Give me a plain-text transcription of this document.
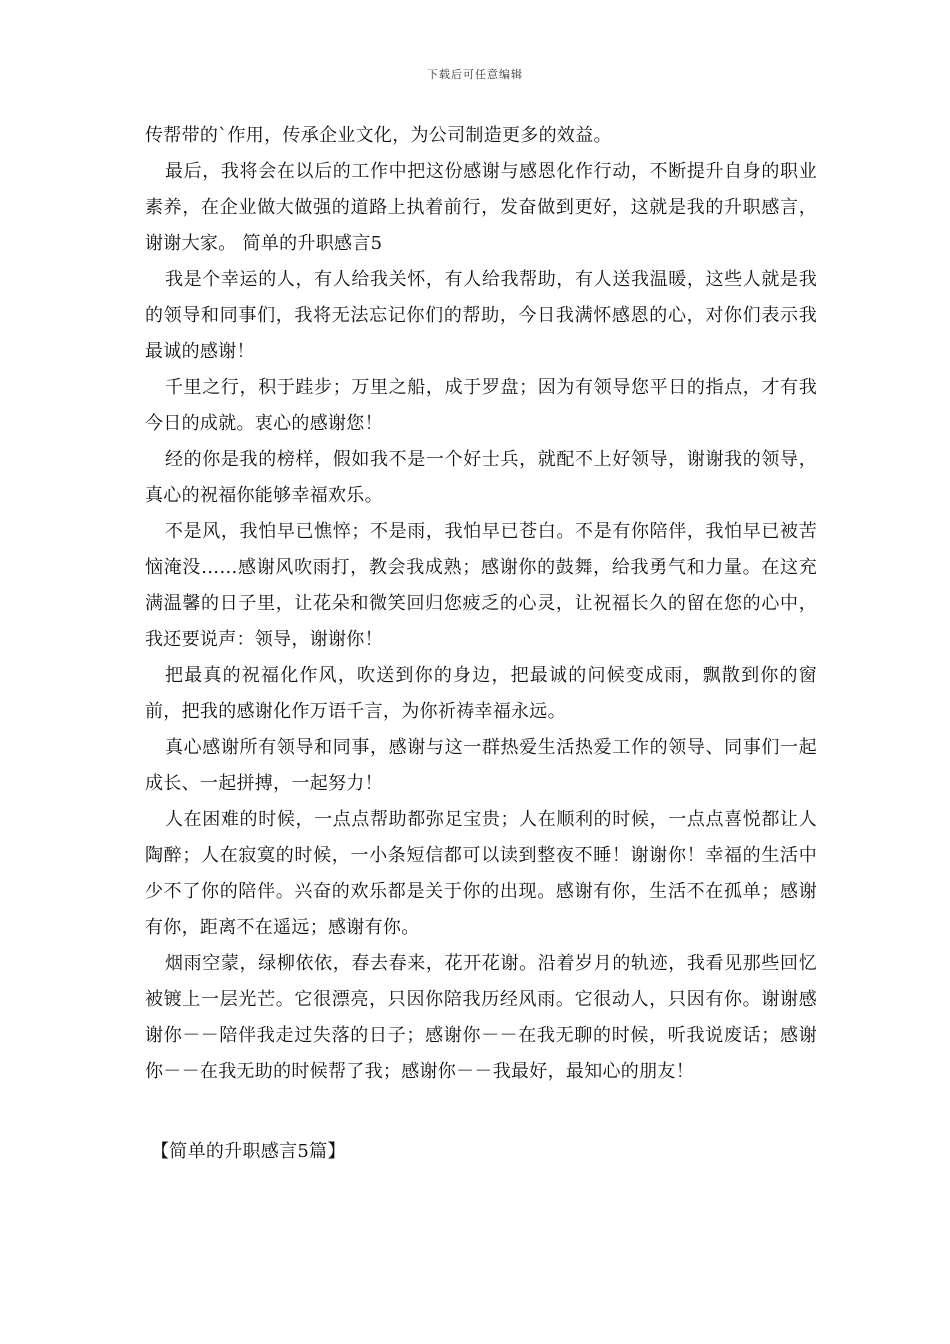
下载后可任意编辑

传帮带的`作用，传承企业文化，为公司制造更多的效益。

最后，我将会在以后的工作中把这份感谢与感恩化作行动，不断提升自身的职业素养，在企业做大做强的道路上执着前行，发奋做到更好，这就是我的升职感言，谢谢大家。 简单的升职感言5

我是个幸运的人，有人给我关怀，有人给我帮助，有人送我温暖，这些人就是我的领导和同事们，我将无法忘记你们的帮助，今日我满怀感恩的心，对你们表示我最诚的感谢！

千里之行，积于跬步；万里之船，成于罗盘；因为有领导您平日的指点，才有我今日的成就。衷心的感谢您！

经的你是我的榜样，假如我不是一个好士兵，就配不上好领导，谢谢我的领导，真心的祝福你能够幸福欢乐。

不是风，我怕早已憔悴；不是雨，我怕早已苍白。不是有你陪伴，我怕早已被苦恼淹没……感谢风吹雨打，教会我成熟；感谢你的鼓舞，给我勇气和力量。在这充满温馨的日子里，让花朵和微笑回归您疲乏的心灵，让祝福长久的留在您的心中，我还要说声：领导，谢谢你！

把最真的祝福化作风，吹送到你的身边，把最诚的问候变成雨，飘散到你的窗前，把我的感谢化作万语千言，为你祈祷幸福永远。

真心感谢所有领导和同事，感谢与这一群热爱生活热爱工作的领导、同事们一起成长、一起拼搏，一起努力！

人在困难的时候，一点点帮助都弥足宝贵；人在顺利的时候，一点点喜悦都让人陶醉；人在寂寞的时候，一小条短信都可以读到整夜不睡！谢谢你！幸福的生活中少不了你的陪伴。兴奋的欢乐都是关于你的出现。感谢有你，生活不在孤单；感谢有你，距离不在遥远；感谢有你。

烟雨空蒙，绿柳依依，春去春来，花开花谢。沿着岁月的轨迹，我看见那些回忆被镀上一层光芒。它很漂亮，只因你陪我历经风雨。它很动人，只因有你。谢谢感谢你－－陪伴我走过失落的日子；感谢你－－在我无聊的时候，听我说废话；感谢你－－在我无助的时候帮了我；感谢你－－我最好，最知心的朋友！

【简单的升职感言5篇】
